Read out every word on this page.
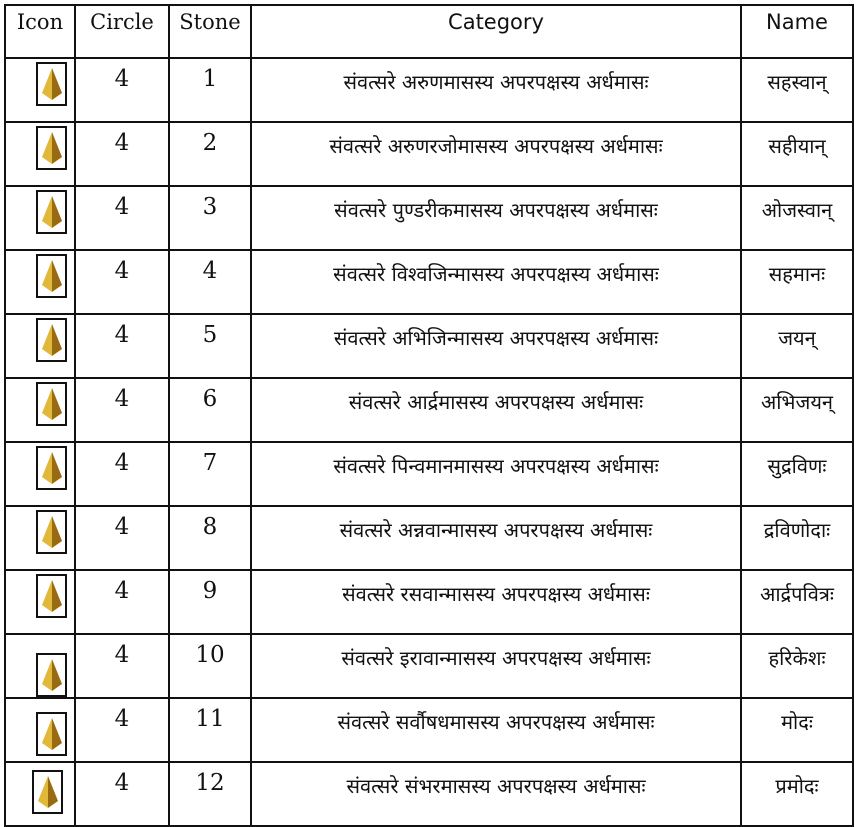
Icon	Circle	Stone	Category	Name

	4	1	संवत्सरे अरुणमासस्य अपरपक्षस्य अर्धमासः	सहस्वान्

	4	2	संवत्सरे अरुणरजोमासस्य अपरपक्षस्य अर्धमासः	सहीयान्

	4	3	संवत्सरे पुण्डरीकमासस्य अपरपक्षस्य अर्धमासः	ओजस्वान्

	4	4	संवत्सरे विश्वजिन्मासस्य अपरपक्षस्य अर्धमासः	सहमानः

	4	5	संवत्सरे अभिजिन्मासस्य अपरपक्षस्य अर्धमासः	जयन्

	4	6	संवत्सरे आर्द्रमासस्य अपरपक्षस्य अर्धमासः	अभिजयन्

	4	7	संवत्सरे पिन्वमानमासस्य अपरपक्षस्य अर्धमासः	सुद्रविणः

	4	8	संवत्सरे अन्नवान्मासस्य अपरपक्षस्य अर्धमासः	द्रविणोदाः

	4	9	संवत्सरे रसवान्मासस्य अपरपक्षस्य अर्धमासः	आर्द्रपवित्रः

	4	10	संवत्सरे इरावान्मासस्य अपरपक्षस्य अर्धमासः	हरिकेशः

	4	11	संवत्सरे सर्वौषधमासस्य अपरपक्षस्य अर्धमासः	मोदः

	4	12	संवत्सरे संभरमासस्य अपरपक्षस्य अर्धमासः	प्रमोदः
